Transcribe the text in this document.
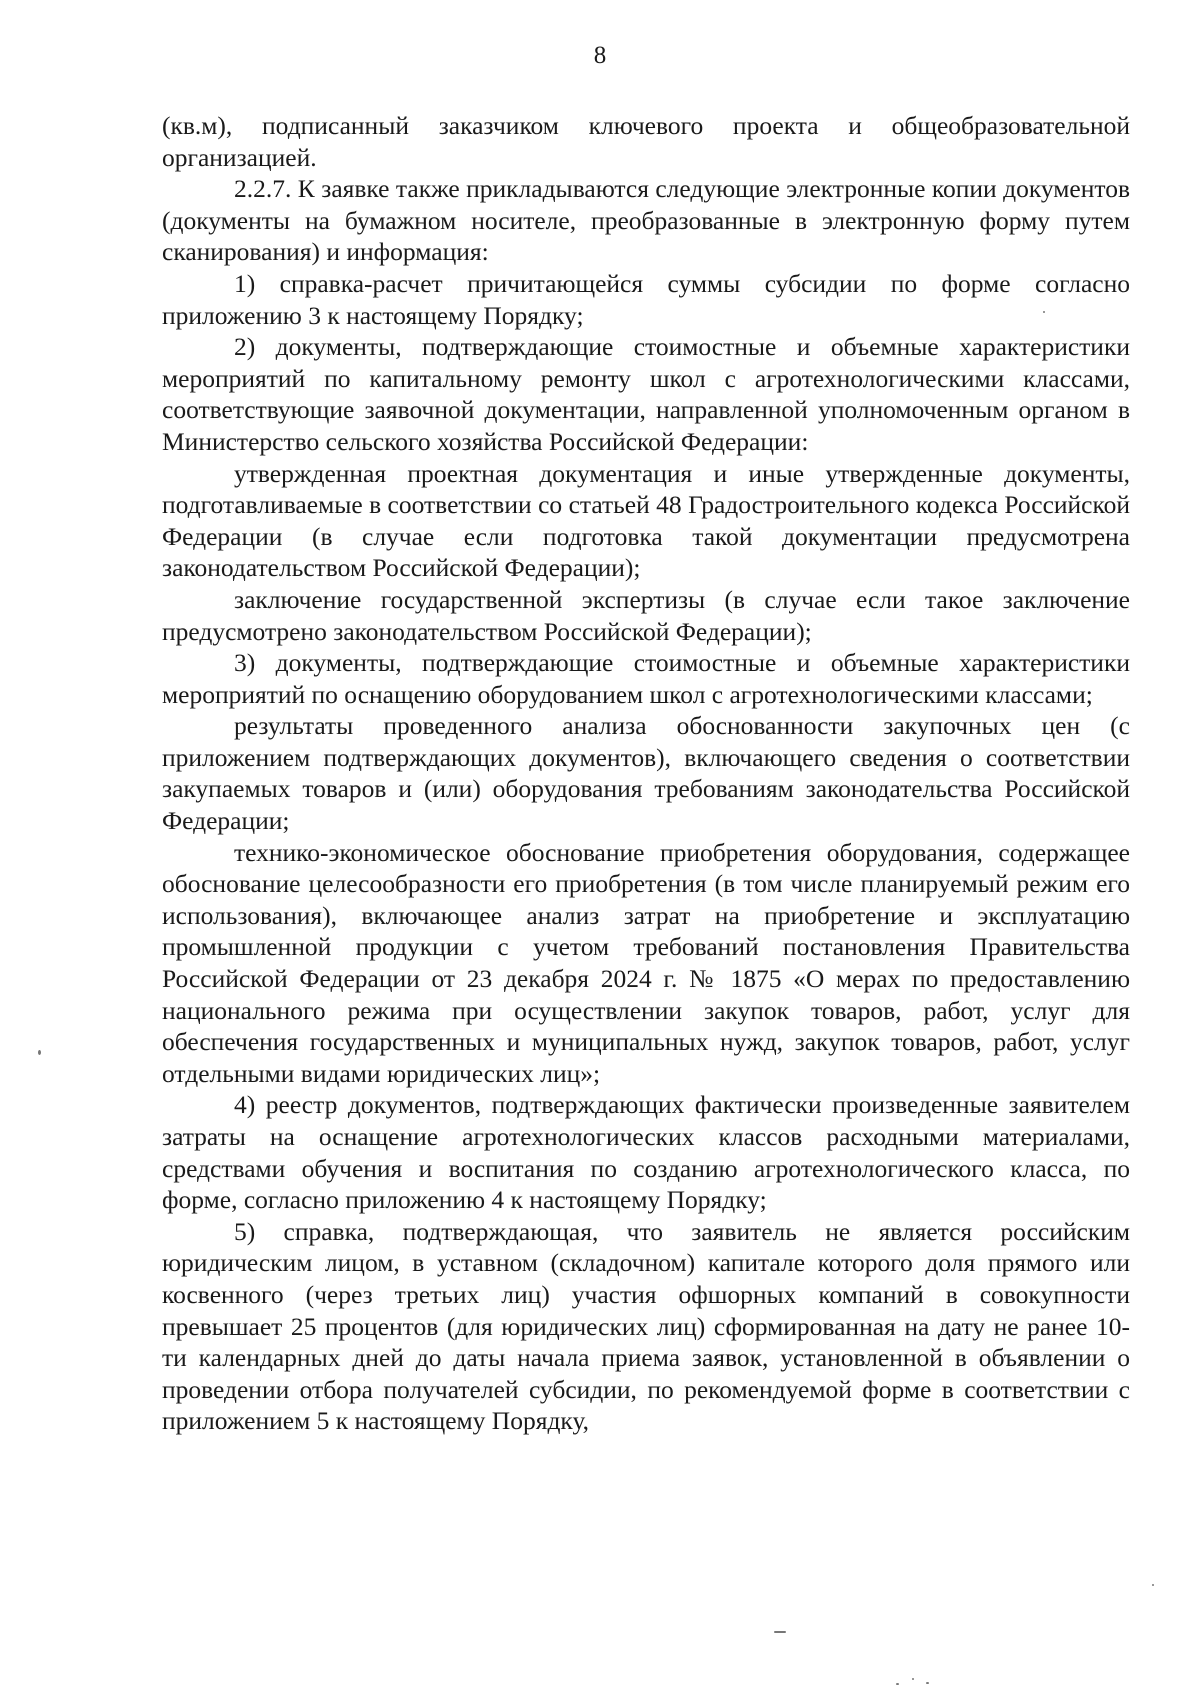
8

(кв.м), подписанный заказчиком ключевого проекта и общеобразовательной организацией.

2.2.7. К заявке также прикладываются следующие электронные копии документов (документы на бумажном носителе, преобразованные в электронную форму путем сканирования) и информация:

1) справка-расчет причитающейся суммы субсидии по форме согласно приложению 3 к настоящему Порядку;

2) документы, подтверждающие стоимостные и объемные характеристики мероприятий по капитальному ремонту школ с агротехнологическими классами, соответствующие заявочной документации, направленной уполномоченным органом в Министерство сельского хозяйства Российской Федерации:

утвержденная проектная документация и иные утвержденные документы, подготавливаемые в соответствии со статьей 48 Градостроительного кодекса Российской Федерации (в случае если подготовка такой документации предусмотрена законодательством Российской Федерации);

заключение государственной экспертизы (в случае если такое заключение предусмотрено законодательством Российской Федерации);

3) документы, подтверждающие стоимостные и объемные характеристики мероприятий по оснащению оборудованием школ с агротехнологическими классами;

результаты проведенного анализа обоснованности закупочных цен (с приложением подтверждающих документов), включающего сведения о соответствии закупаемых товаров и (или) оборудования требованиям законодательства Российской Федерации;

технико-экономическое обоснование приобретения оборудования, содержащее обоснование целесообразности его приобретения (в том числе планируемый режим его использования), включающее анализ затрат на приобретение и эксплуатацию промышленной продукции с учетом требований постановления Правительства Российской Федерации от 23 декабря 2024 г. № 1875 «О мерах по предоставлению национального режима при осуществлении закупок товаров, работ, услуг для обеспечения государственных и муниципальных нужд, закупок товаров, работ, услуг отдельными видами юридических лиц»;

4) реестр документов, подтверждающих фактически произведенные заявителем затраты на оснащение агротехнологических классов расходными материалами, средствами обучения и воспитания по созданию агротехнологического класса, по форме, согласно приложению 4 к настоящему Порядку;

5) справка, подтверждающая, что заявитель не является российским юридическим лицом, в уставном (складочном) капитале которого доля прямого или косвенного (через третьих лиц) участия офшорных компаний в совокупности превышает 25 процентов (для юридических лиц) сформированная на дату не ранее 10-ти календарных дней до даты начала приема заявок, установленной в объявлении о проведении отбора получателей субсидии, по рекомендуемой форме в соответствии с приложением 5 к настоящему Порядку,
